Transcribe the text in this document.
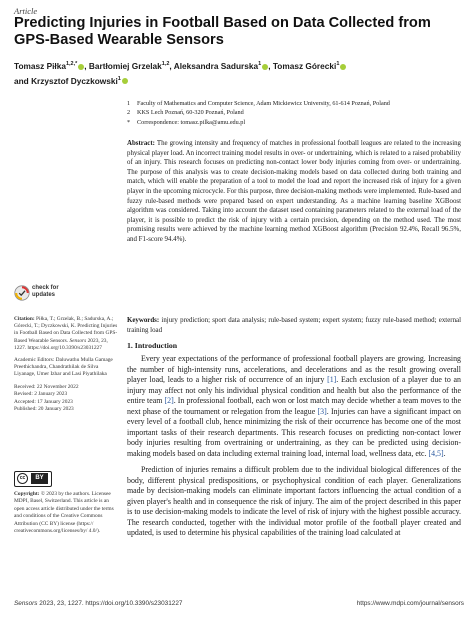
Article
Predicting Injuries in Football Based on Data Collected from GPS-Based Wearable Sensors
Tomasz Piłka$^{1,2,*}$ , Bartłomiej Grzelak$^{1,2}$, Aleksandra Sadurska$^1$ , Tomasz Górecki$^1$
and Krzysztof Dyczkowski$^1$
1 Faculty of Mathematics and Computer Science, Adam Mickiewicz University, 61-614 Poznań, Poland
2 KKS Lech Poznań, 60-320 Poznań, Poland
* Correspondence: tomasz.pilka@amu.edu.pl

Abstract: The growing intensity and frequency of matches in professional football leagues are related to the increasing physical player load. An incorrect training model results in over- or undertraining, which is related to a raised probability of an injury. This research focuses on predicting non-contact lower body injuries coming from over- or undertraining. The purpose of this analysis was to create decision-making models based on data collected during both training and match, which will enable the preparation of a tool to model the load and report the increased risk of injury for a given player in the upcoming microcycle. For this purpose, three decision-making methods were implemented. Rule-based and fuzzy rule-based methods were prepared based on expert understanding. As a machine learning baseline XGBoost algorithm was considered. Taking into account the dataset used containing parameters related to the external load of the player, it is possible to predict the risk of injury with a certain precision, depending on the method used. The most promising results were achieved by the machine learning method XGBoost algorithm (Precision 92.4%, Recall 96.5%, and F1-score 94.4%).

Keywords: injury prediction; sport data analysis; rule-based system; expert system; fuzzy rule-based method; external training load

check for
updates

Citation: Piłka, T.; Grzelak, B.; Sadurska, A.; Górecki, T.; Dyczkowski, K. Predicting Injuries in Football Based on Data Collected from GPS-Based Wearable Sensors. Sensors 2023, 23, 1227. https://doi.org/10.3390/s23031227

Academic Editors: Daluwathu Mulla Gamage Preethichandra, Chandrathilak de Silva Liyanage, Umer Izhar and Lasi Piyathilaka

Received: 22 November 2022
Revised: 2 January 2023
Accepted: 17 January 2023
Published: 20 January 2023

cc	BY

Copyright: © 2023 by the authors. Licensee MDPI, Basel, Switzerland. This article is an open access article distributed under the terms and conditions of the Creative Commons Attribution (CC BY) license (https:// creativecommons.org/licenses/by/ 4.0/).

1. Introduction

Every year expectations of the performance of professional football players are growing. Increasing the number of high-intensity runs, accelerations, and decelerations and as the result growing overall player load, leads to a higher risk of occurrence of an injury [1]. Each exclusion of a player due to an injury may affect not only his individual physical condition and health but also the performance of the entire team [2]. In professional football, each won or lost match may decide whether a team moves to the next phase of the tournament or relegation from the league [3]. Injuries can have a significant impact on every level of a football club, hence minimizing the risk of their occurrence has become one of the most important tasks of their research departments. This research focuses on predicting non-contact lower body injuries resulting from overtraining or undertraining, as they can be predicted using decision-making models based on data including external training load, internal load, wellness data, etc. [4,5].

Prediction of injuries remains a difficult problem due to the individual biological differences of the body, different physical predispositions, or psychophysical condition of each player. Generalizations made by decision-making models can eliminate important factors influencing the actual condition of a given player's health and in consequence the risk of injury. The aim of the project described in this paper is to use decision-making models to indicate the level of risk of injury with the highest possible accuracy. The research conducted, together with the individual motor profile of the football player created and updated, is used to determine his physical capabilities of the training load calculated at

Sensors 2023, 23, 1227. https://doi.org/10.3390/s23031227	https://www.mdpi.com/journal/sensors
